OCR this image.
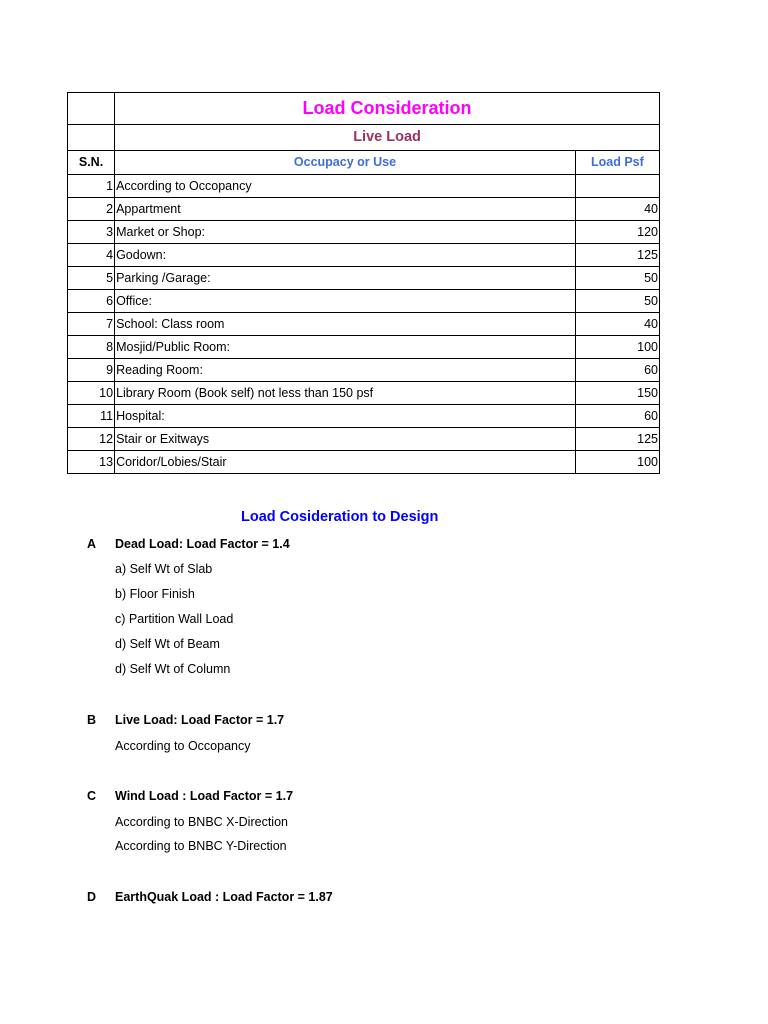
	Load Consideration	
	Live Load	
S.N.	Occupacy or Use	Load Psf
1	According to Occopancy	
2	Appartment	40
3	Market or Shop:	120
4	Godown:	125
5	Parking /Garage:	50
6	Office:	50
7	School: Class room	40
8	Mosjid/Public Room:	100
9	Reading Room:	60
10	Library Room (Book self) not less than 150 psf	150
11	Hospital:	60
12	Stair or Exitways	125
13	Coridor/Lobies/Stair	100
Load Cosideration to Design
A Dead Load: Load Factor = 1.4
a) Self Wt of Slab
b) Floor Finish
c) Partition Wall Load
d) Self Wt of Beam
d) Self Wt of Column
B Live Load: Load Factor = 1.7
According to Occopancy
C Wind Load : Load Factor = 1.7
According to BNBC X-Direction
According to BNBC Y-Direction
D EarthQuak Load : Load Factor = 1.87
